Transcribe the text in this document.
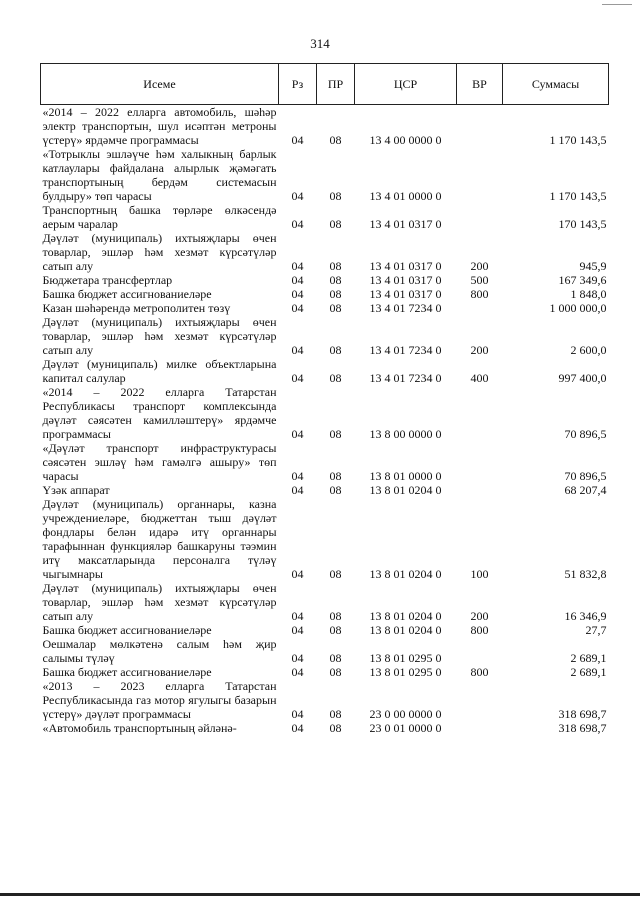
314
Исеме	Рз	ПР	ЦСР	ВР	Суммасы
«2014 – 2022 елларга автомобиль, шәһәр электр транспортын, шул исәптән метроны үстерү» ярдәмче программасы	04	08	13 4 00 0000 0		1 170 143,5
«Тотрыклы эшләүче һәм халыкның барлык катлаулары файдалана алырлык җәмәгать транспортының бердәм системасын булдыру» төп чарасы	04	08	13 4 01 0000 0		1 170 143,5
Транспортның башка төрләре өлкәсендә аерым чаралар	04	08	13 4 01 0317 0		170 143,5
Дәүләт (муниципаль) ихтыяҗлары өчен товарлар, эшләр һәм хезмәт күрсәтүләр сатып алу	04	08	13 4 01 0317 0	200	945,9
Бюджетара трансфертлар	04	08	13 4 01 0317 0	500	167 349,6
Башка бюджет ассигнованиеләре	04	08	13 4 01 0317 0	800	1 848,0
Казан шәһәрендә метрополитен төзү	04	08	13 4 01 7234 0		1 000 000,0
Дәүләт (муниципаль) ихтыяҗлары өчен товарлар, эшләр һәм хезмәт күрсәтүләр сатып алу	04	08	13 4 01 7234 0	200	2 600,0
Дәүләт (муниципаль) милке объектларына капитал салулар	04	08	13 4 01 7234 0	400	997 400,0
«2014 – 2022 елларга Татарстан Республикасы транспорт комплексында дәүләт сәясәтен камилләштерү» ярдәмче программасы	04	08	13 8 00 0000 0		70 896,5
«Дәүләт транспорт инфраструктурасы сәясәтен эшләү һәм гамәлгә ашыру» төп чарасы	04	08	13 8 01 0000 0		70 896,5
Үзәк аппарат	04	08	13 8 01 0204 0		68 207,4
Дәүләт (муниципаль) органнары, казна учреждениеләре, бюджеттан тыш дәүләт фондлары белән идарә итү органнары тарафыннан функцияләр башкаруны тәэмин итү максатларында персоналга түләү чыгымнары	04	08	13 8 01 0204 0	100	51 832,8
Дәүләт (муниципаль) ихтыяҗлары өчен товарлар, эшләр һәм хезмәт күрсәтүләр сатып алу	04	08	13 8 01 0204 0	200	16 346,9
Башка бюджет ассигнованиеләре	04	08	13 8 01 0204 0	800	27,7
Оешмалар мөлкәтенә салым һәм җир салымы түләү	04	08	13 8 01 0295 0		2 689,1
Башка бюджет ассигнованиеләре	04	08	13 8 01 0295 0	800	2 689,1
«2013 – 2023 елларга Татарстан Республикасында газ мотор ягулыгы базарын үстерү» дәүләт программасы	04	08	23 0 00 0000 0		318 698,7
«Автомобиль транспортының әйләнә-	04	08	23 0 01 0000 0		318 698,7
